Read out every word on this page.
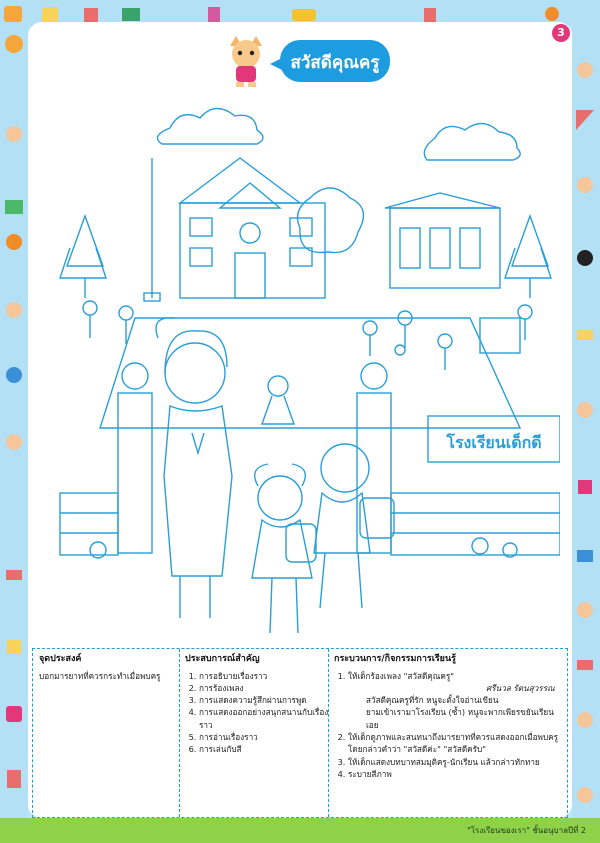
3
สวัสดีคุณครู
โรงเรียนเด็กดี
จุดประสงค์
บอกมารยาทที่ควรกระทำเมื่อพบครู
ประสบการณ์สำคัญ
1. การอธิบายเรื่องราว
2. การร้องเพลง
3. การแสดงความรู้สึกผ่านการพูด
4. การแสดงออกอย่างสนุกสนานกับเรื่องราว
5. การอ่านเรื่องราว
6. การเล่นกับสี
กระบวนการ/กิจกรรมการเรียนรู้
1. ให้เด็กร้องเพลง "สวัสดีคุณครู"
ศรีนวล รัตนสุวรรณ
สวัสดีคุณครูที่รัก หนูจะตั้งใจอ่านเขียน
ยามเข้าเรามาโรงเรียน (ซ้ำ) หนูจะพากเพียรขยันเรียนเอย
2. ให้เด็กดูภาพและสนทนาถึงมารยาทที่ควรแสดงออกเมื่อพบครู โดยกล่าวคำว่า "สวัสดีค่ะ" "สวัสดีครับ"
3. ให้เด็กแสดงบทบาทสมมุติครู-นักเรียน แล้วกล่าวทักทาย
4. ระบายสีภาพ
"โรงเรียนของเรา" ชั้นอนุบาลปีที่ 2
